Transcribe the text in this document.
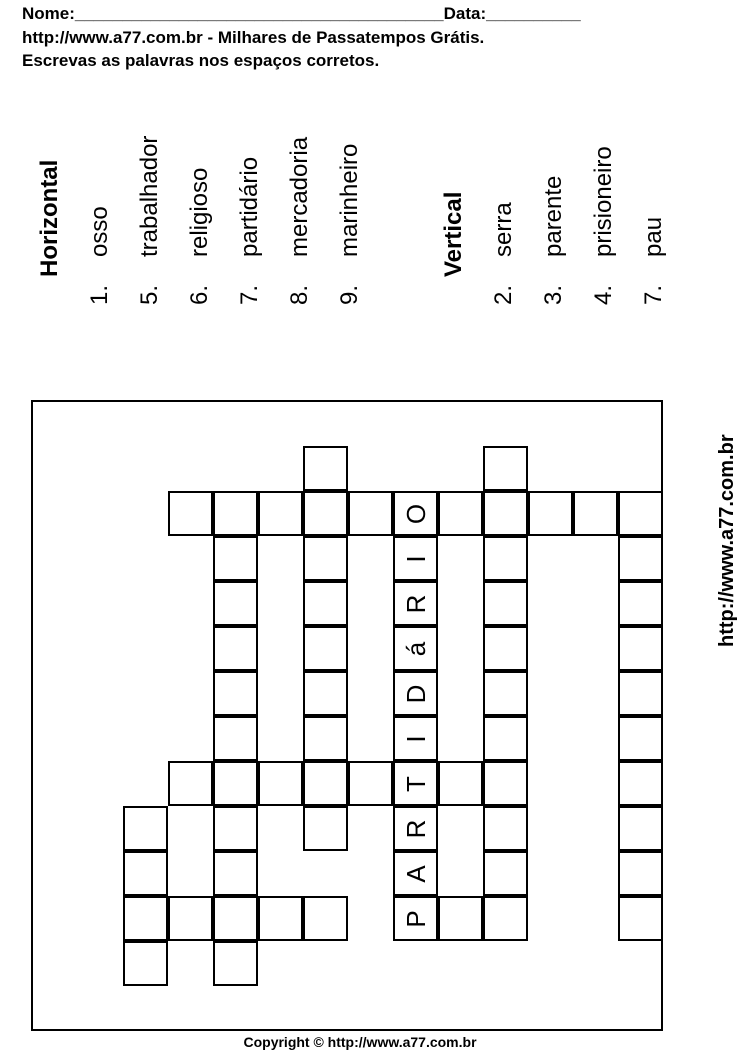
Nome:_______________________________________Data:__________
http://www.a77.com.br - Milhares de Passatempos Grátis.
Escrevas as palavras nos espaços corretos.
Horizontal
1.osso
5.trabalhador
6.religioso
7.partidário
8.mercadoria
9.marinheiro	Vertical
2.serra
3.parente
4.prisioneiro
7.pau
O
I
R
á
D
I
T
R
A
P
http://www.a77.com.br
Copyright © http://www.a77.com.br
